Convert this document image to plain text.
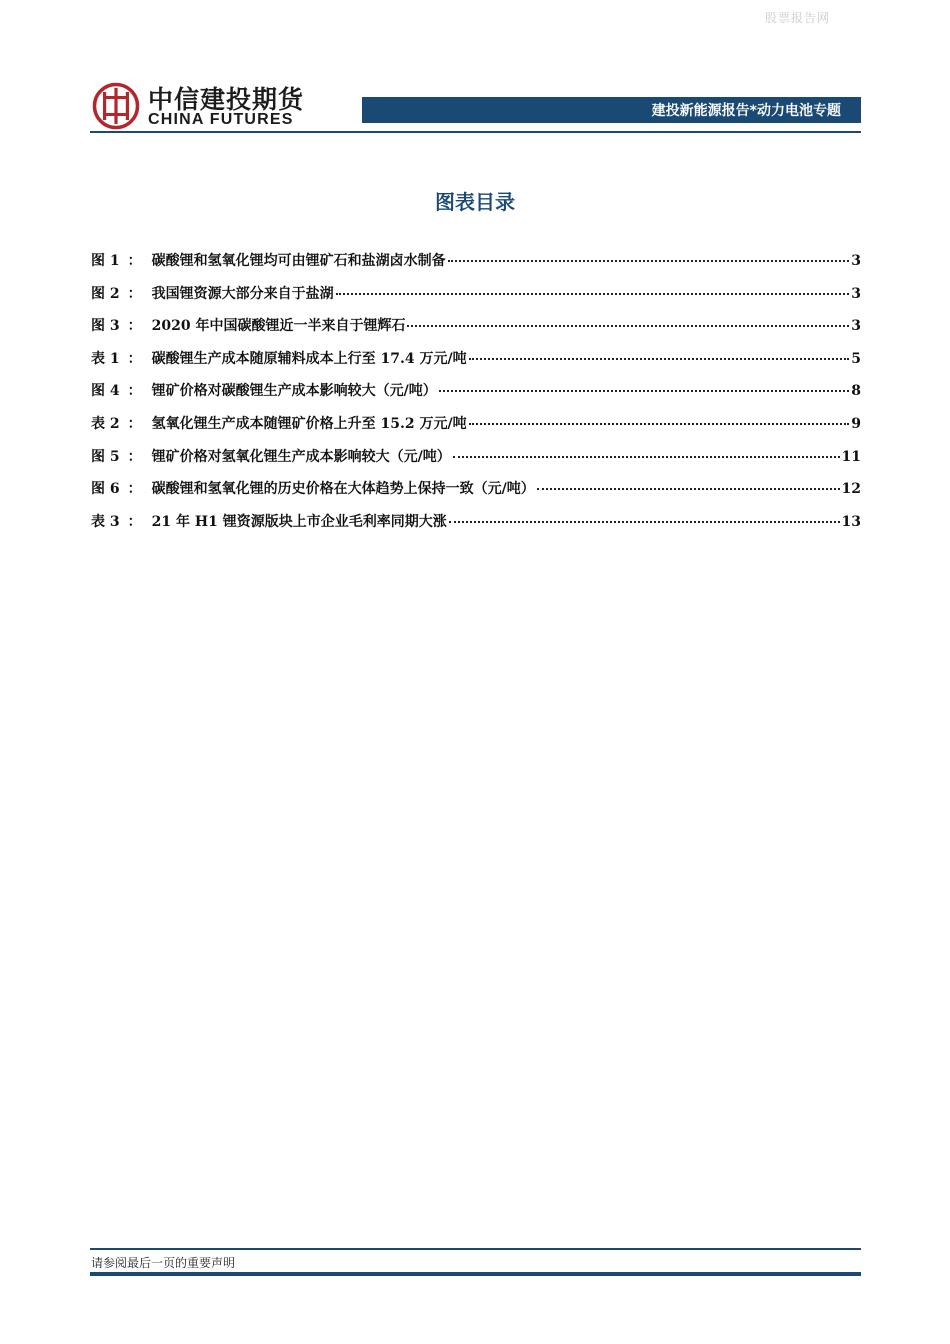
股票报告网
中信建投期货
CHINA FUTURES	建投新能源报告*动力电池专题
图表目录
图 1 ： 碳酸锂和氢氧化锂均可由锂矿石和盐湖卤水制备	3
图 2 ： 我国锂资源大部分来自于盐湖	3
图 3 ： 2020 年中国碳酸锂近一半来自于锂辉石	3
表 1 ： 碳酸锂生产成本随原辅料成本上行至 17.4 万元/吨	5
图 4 ： 锂矿价格对碳酸锂生产成本影响较大（元/吨）	8
表 2 ： 氢氧化锂生产成本随锂矿价格上升至 15.2 万元/吨	9
图 5 ： 锂矿价格对氢氧化锂生产成本影响较大（元/吨）	11
图 6 ： 碳酸锂和氢氧化锂的历史价格在大体趋势上保持一致（元/吨）	12
表 3 ： 21 年 H1 锂资源版块上市企业毛利率同期大涨	13
请参阅最后一页的重要声明
